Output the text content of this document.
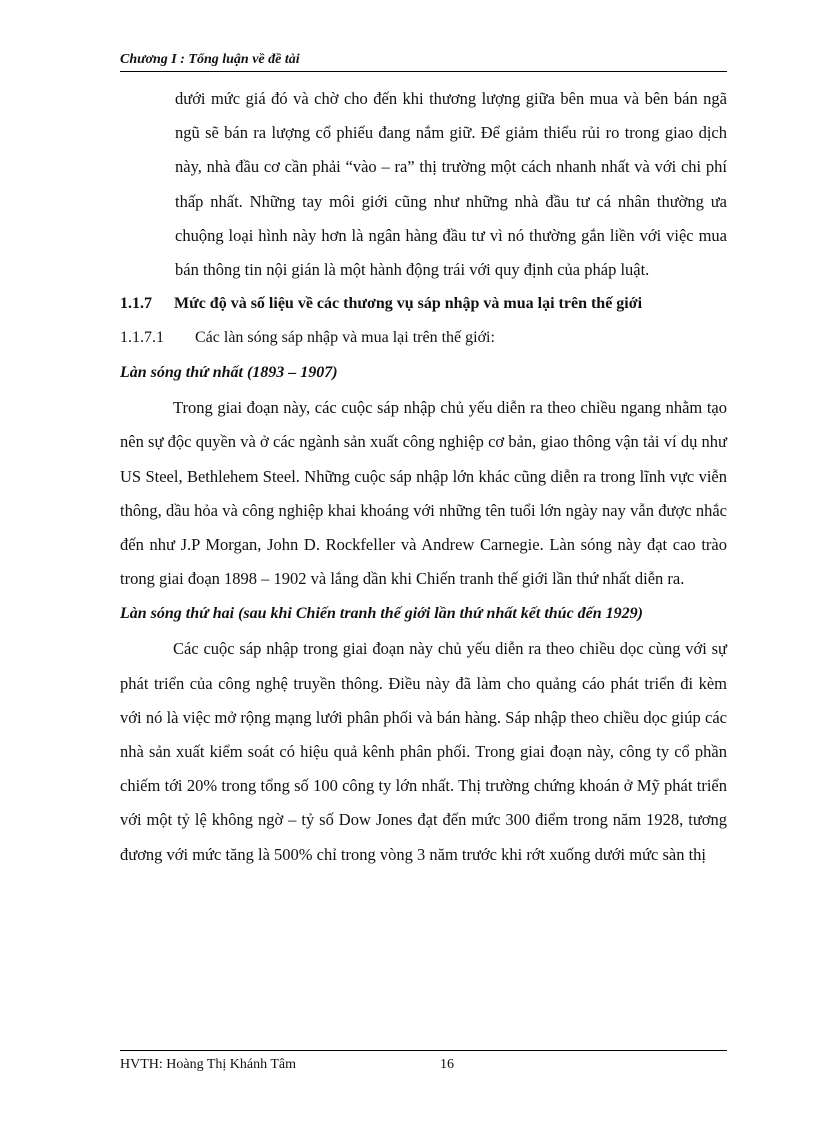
Chương I : Tổng luận về đề tài

dưới mức giá đó và chờ cho đến khi thương lượng giữa bên mua và bên bán ngã ngũ sẽ bán ra lượng cổ phiếu đang nắm giữ. Để giảm thiểu rủi ro trong giao dịch này, nhà đầu cơ cần phải “vào – ra” thị trường một cách nhanh nhất và với chi phí thấp nhất. Những tay môi giới cũng như những nhà đầu tư cá nhân thường ưa chuộng loại hình này hơn là ngân hàng đầu tư vì nó thường gắn liền với việc mua bán thông tin nội gián là một hành động trái với quy định của pháp luật.

1.1.7 Mức độ và số liệu về các thương vụ sáp nhập và mua lại trên thế giới

1.1.7.1 Các làn sóng sáp nhập và mua lại trên thế giới:

Làn sóng thứ nhất (1893 – 1907)

Trong giai đoạn này, các cuộc sáp nhập chủ yếu diễn ra theo chiều ngang nhằm tạo nên sự độc quyền và ở các ngành sản xuất công nghiệp cơ bản, giao thông vận tải ví dụ như US Steel, Bethlehem Steel. Những cuộc sáp nhập lớn khác cũng diễn ra trong lĩnh vực viễn thông, dầu hỏa và công nghiệp khai khoáng với những tên tuổi lớn ngày nay vẫn được nhắc đến như J.P Morgan, John D. Rockfeller và Andrew Carnegie. Làn sóng này đạt cao trào trong giai đoạn 1898 – 1902 và lắng dần khi Chiến tranh thế giới lần thứ nhất diễn ra.

Làn sóng thứ hai (sau khi Chiến tranh thế giới lần thứ nhất kết thúc đến 1929)

Các cuộc sáp nhập trong giai đoạn này chủ yếu diễn ra theo chiều dọc cùng với sự phát triển của công nghệ truyền thông. Điều này đã làm cho quảng cáo phát triển đi kèm với nó là việc mở rộng mạng lưới phân phối và bán hàng. Sáp nhập theo chiều dọc giúp các nhà sản xuất kiểm soát có hiệu quả kênh phân phối. Trong giai đoạn này, công ty cổ phần chiếm tới 20% trong tổng số 100 công ty lớn nhất. Thị trường chứng khoán ở Mỹ phát triển với một tỷ lệ không ngờ – tỷ số Dow Jones đạt đến mức 300 điểm trong năm 1928, tương đương với mức tăng là 500% chỉ trong vòng 3 năm trước khi rớt xuống dưới mức sàn thị

HVTH: Hoàng Thị Khánh Tâm	16
